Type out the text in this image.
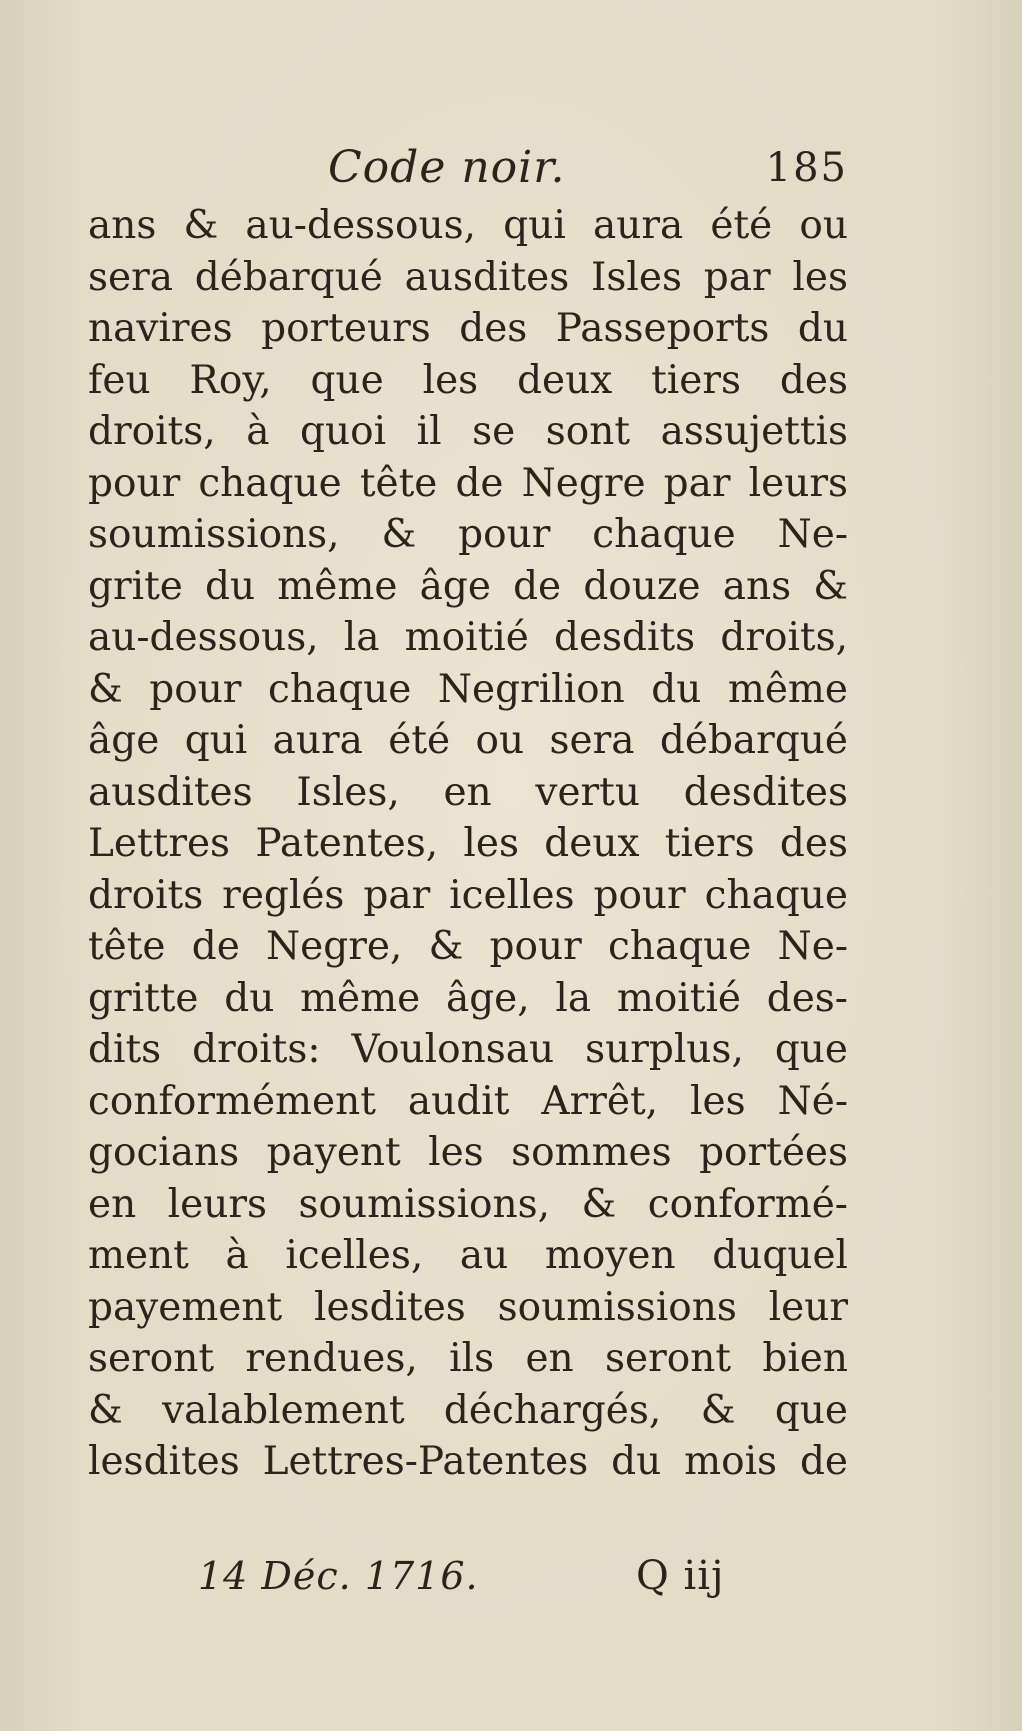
Code noir.	185
ans & au-dessous, qui aura été ou
sera débarqué ausdites Isles par les
navires porteurs des Passeports du
feu Roy, que les deux tiers des
droits, à quoi il se sont assujettis
pour chaque tête de Negre par leurs
soumissions, & pour chaque Ne-
grite du même âge de douze ans &
au-dessous, la moitié desdits droits,
& pour chaque Negrilion du même
âge qui aura été ou sera débarqué
ausdites Isles, en vertu desdites
Lettres Patentes, les deux tiers des
droits reglés par icelles pour chaque
tête de Negre, & pour chaque Ne-
gritte du même âge, la moitié des-
dits droits: Voulonsau surplus, que
conformément audit Arrêt, les Né-
gocians payent les sommes portées
en leurs soumissions, & conformé-
ment à icelles, au moyen duquel
payement lesdites soumissions leur
seront rendues, ils en seront bien
& valablement déchargés, & que
lesdites Lettres-Patentes du mois de
14 Déc. 1716.	Q iij
